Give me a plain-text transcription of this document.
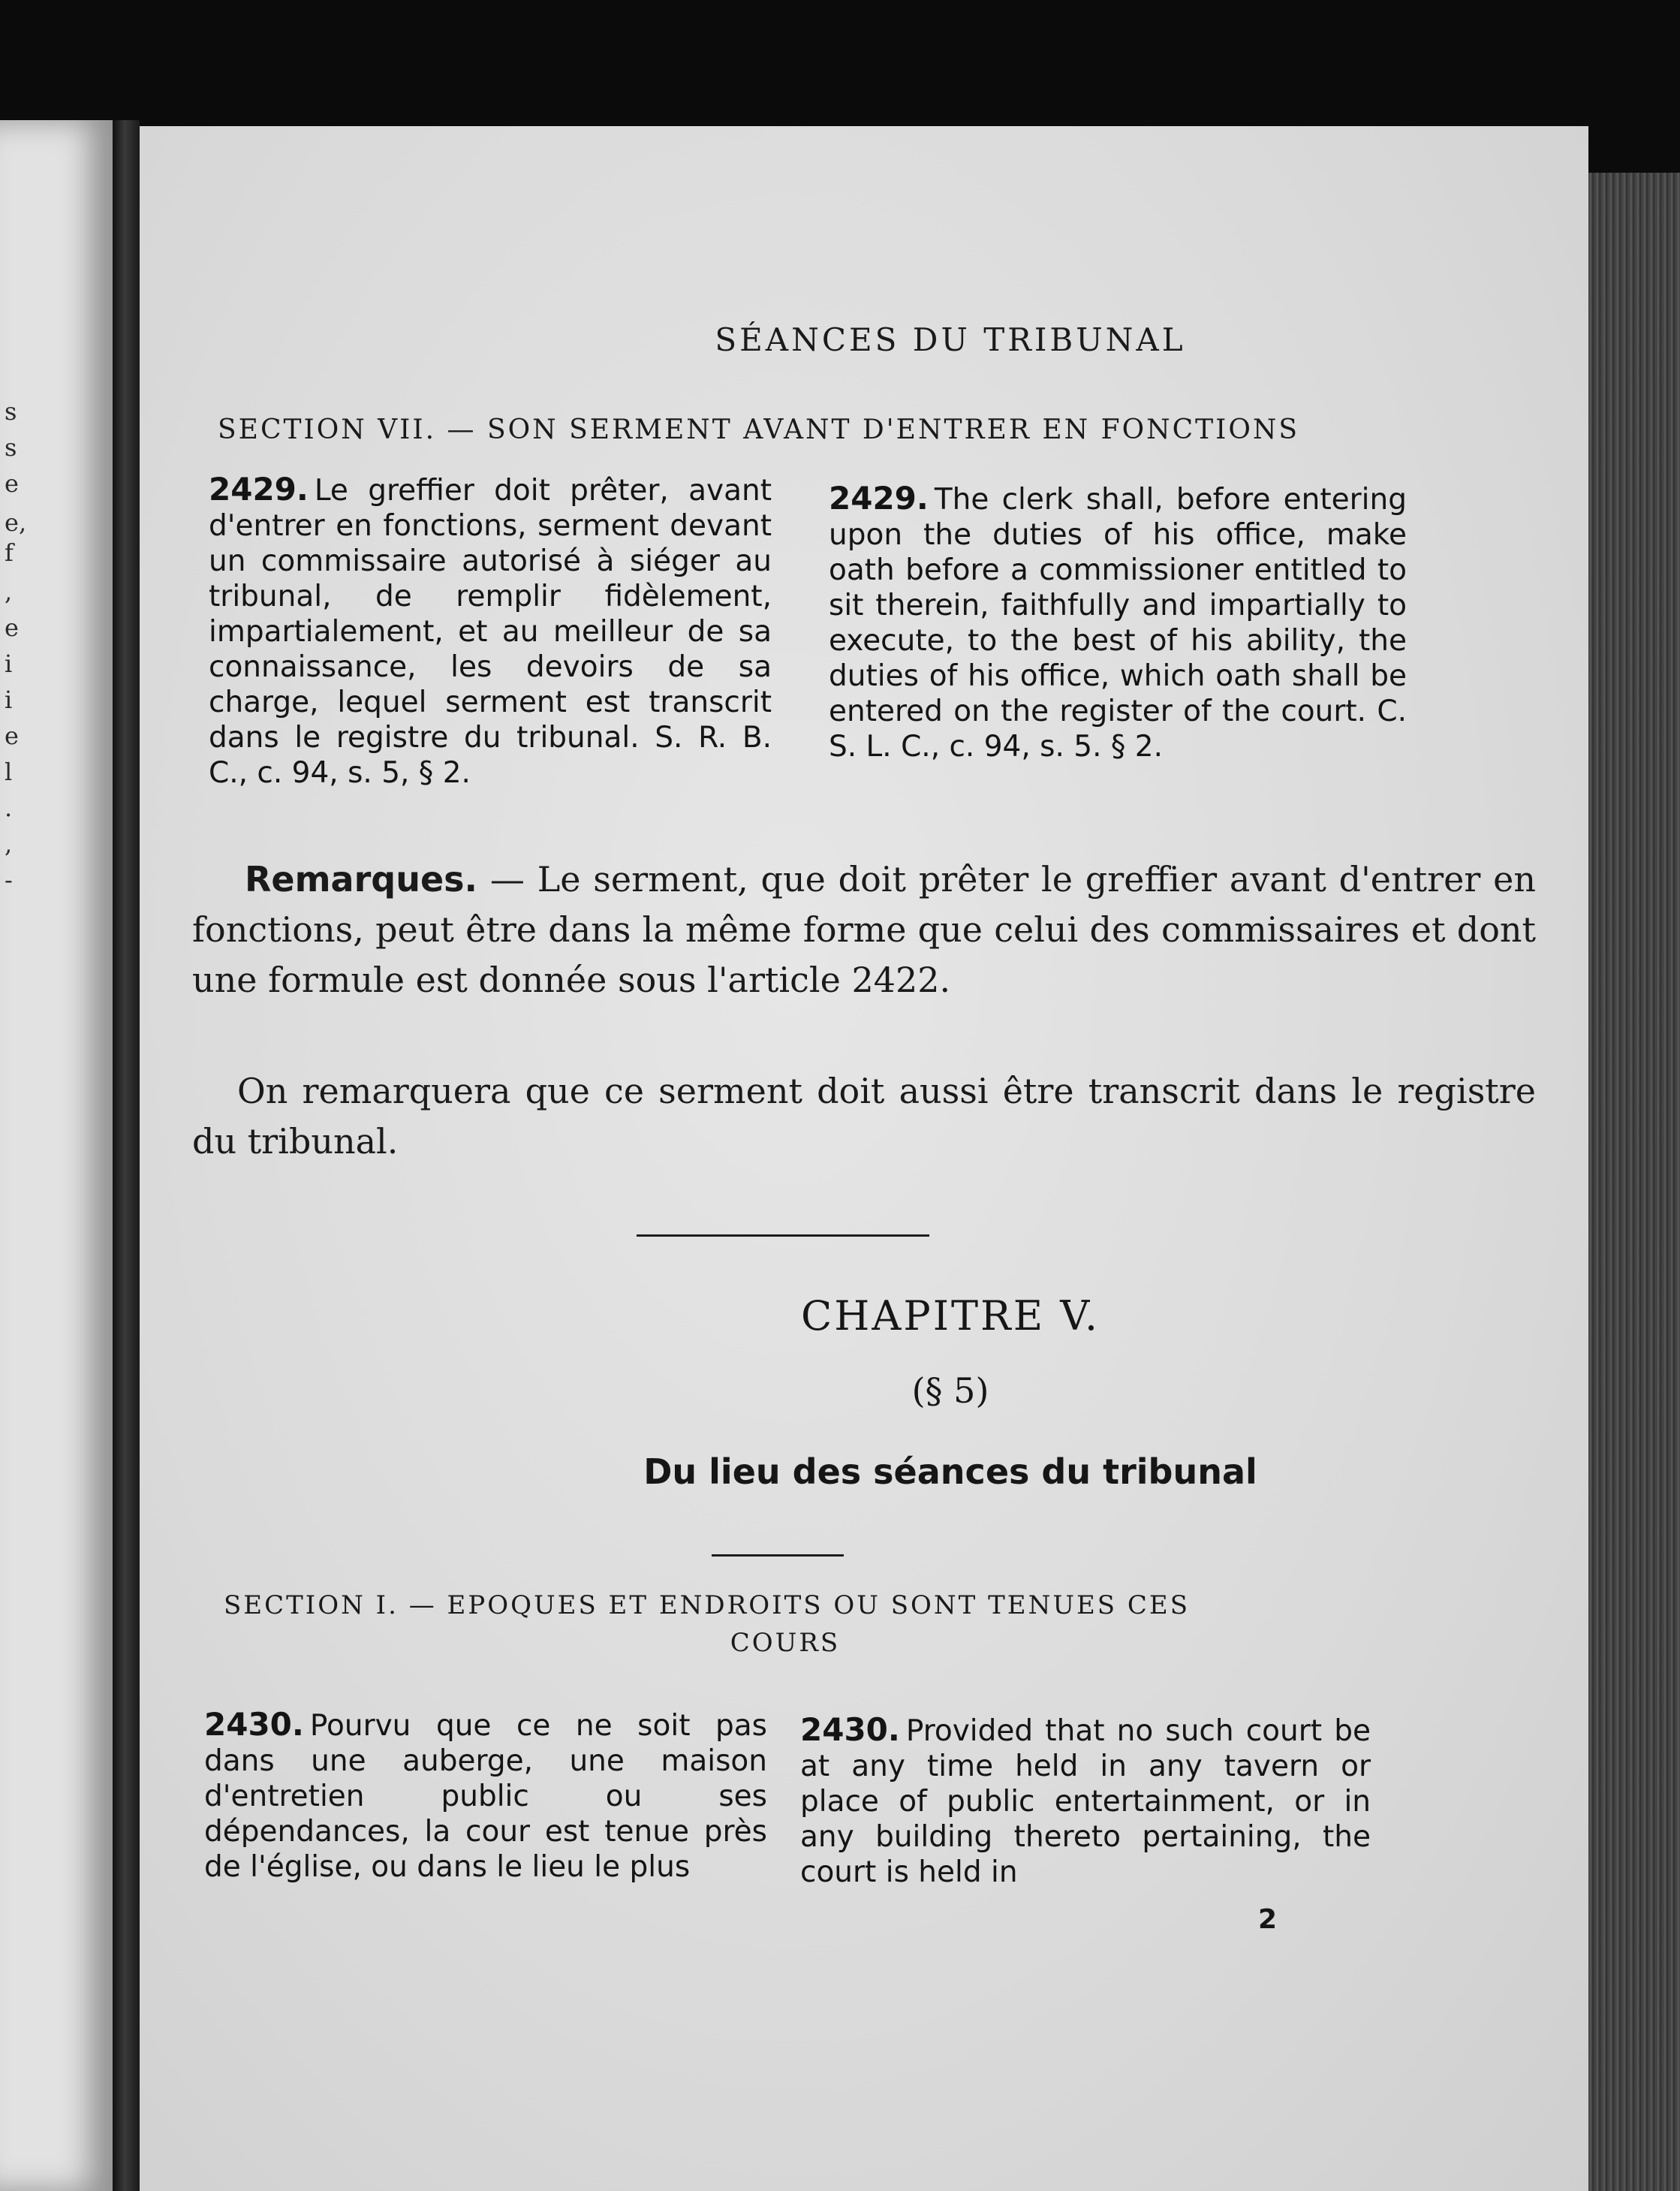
s
s
e
e,
f
,
e
i
i
e
l
.
,
-
SÉANCES DU TRIBUNAL
SECTION VII. — SON SERMENT AVANT D'ENTRER EN FONCTIONS
2429. Le greffier doit prêter, avant d'entrer en fonctions, serment devant un commissaire autorisé à siéger au tribunal, de remplir fidèlement, impartialement, et au meilleur de sa connaissance, les devoirs de sa charge, lequel serment est transcrit dans le registre du tribunal. S. R. B. C., c. 94, s. 5, § 2.
2429. The clerk shall, before entering upon the duties of his office, make oath before a commissioner entitled to sit therein, faithfully and impartially to execute, to the best of his ability, the duties of his office, which oath shall be entered on the register of the court. C. S. L. C., c. 94, s. 5. § 2.
Remarques. — Le serment, que doit prêter le greffier avant d'entrer en fonctions, peut être dans la même forme que celui des commissaires et dont une formule est donnée sous l'article 2422.
On remarquera que ce serment doit aussi être transcrit dans le registre du tribunal.
CHAPITRE V.
(§ 5)
Du lieu des séances du tribunal
SECTION I. — EPOQUES ET ENDROITS OU SONT TENUES CES
COURS
2430. Pourvu que ce ne soit pas dans une auberge, une maison d'entretien public ou ses dépendances, la cour est tenue près de l'église, ou dans le lieu le plus
2430. Provided that no such court be at any time held in any tavern or place of public entertainment, or in any building thereto pertaining, the court is held in
2
